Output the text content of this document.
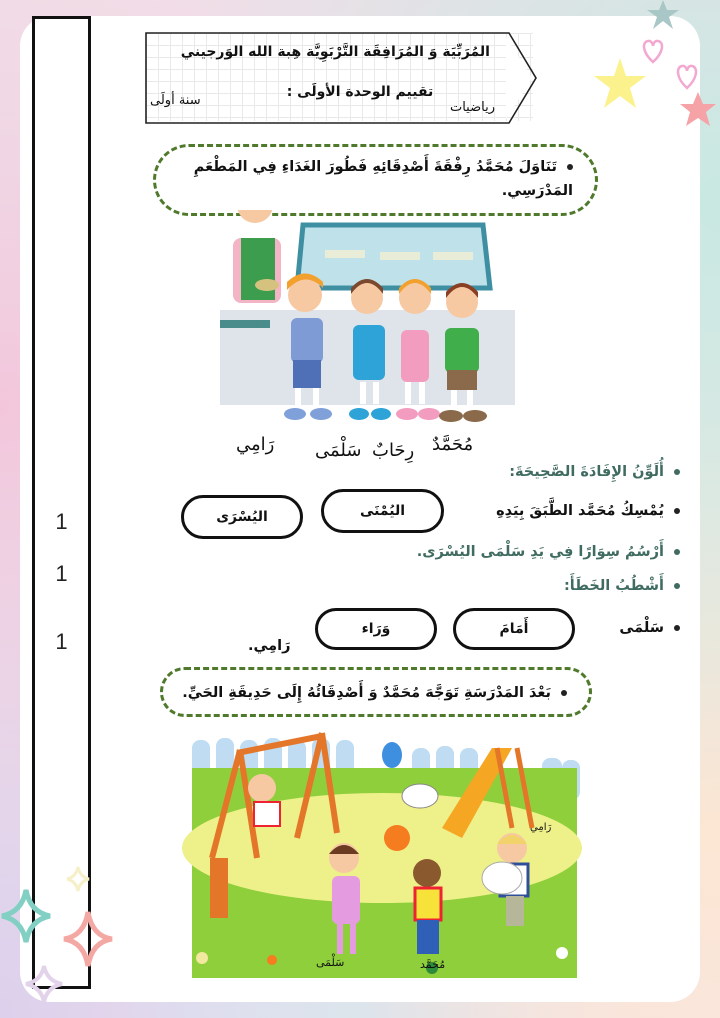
1
1
1
المُرَبِّيَة وَ المُرَافِقَة التَّرْبَوِيَّة هِبة الله الوَرجيني
تقييم الوحدة الأولَى :
رياضيات
سنة أولَى
تَنَاوَلَ مُحَمَّدُ رِفْقَةَ أَصْدِقَائِهِ فَطُورَ الغَدَاءِ فِي المَطْعَمِ المَدْرَسِي.
رَامِي سَلْمَى رِحَابٌ مُحَمَّدٌ
أُلَوِّنُ الإِفَادَةَ الصَّحِيحَةَ:
يُمْسِكُ مُحَمَّد الطَّبَقَ بِيَدِهِ
اليُمْنَى
اليُسْرَى
أَرْسُمُ سِوَارًا فِي يَدِ سَلْمَى اليُسْرَى.
أَشْطُبُ الخَطَأَ:
سَلْمَى
أَمَامَ
وَرَاء
رَامِي.
بَعْدَ المَدْرَسَةِ تَوَجَّهَ مُحَمَّدٌ وَ أَصْدِقَائُهُ إِلَى حَدِيقَةِ الحَيِّ.
سَلْمَى	مُحَمَّد
رَامِي
